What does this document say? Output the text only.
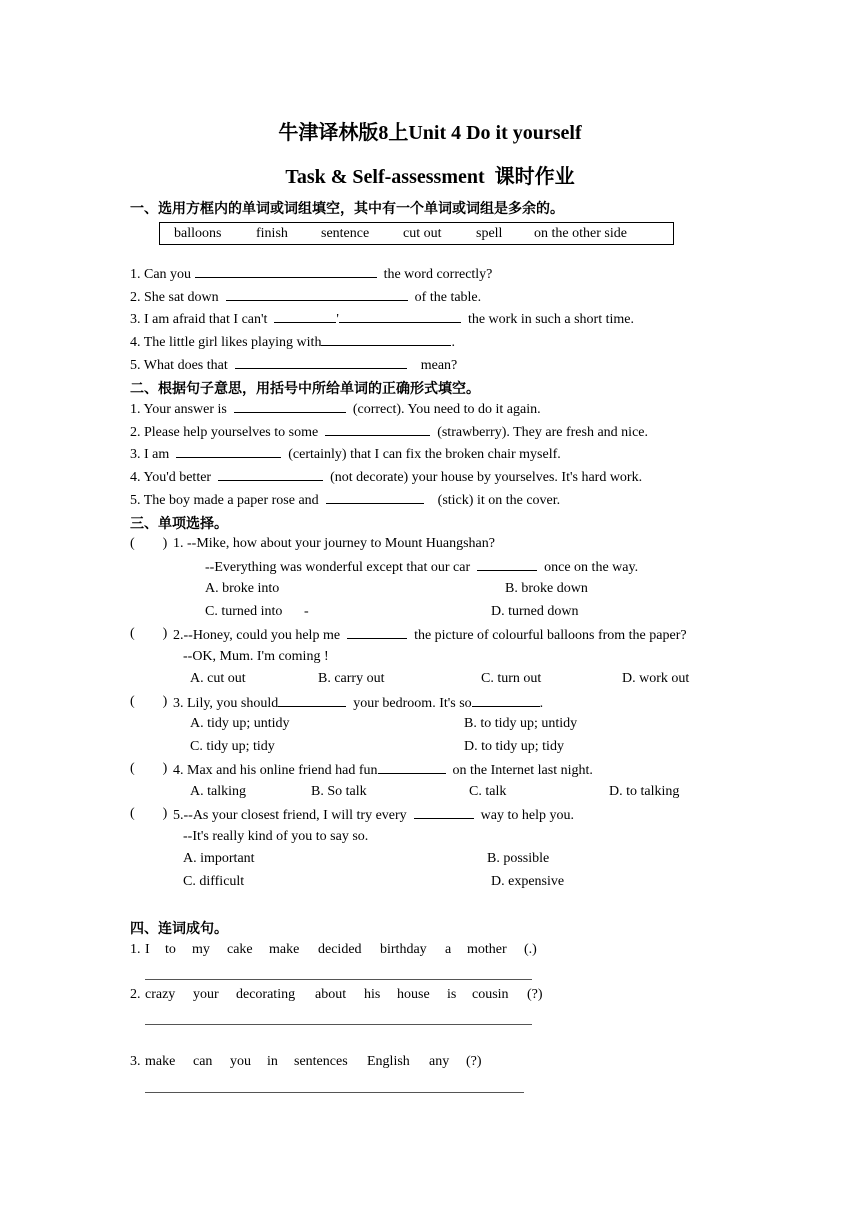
牛津译林版8上Unit 4 Do it yourself
Task & Self-assessment  课时作业
一、选用方框内的单词或词组填空，其中有一个单词或词组是多余的。
balloons finish sentence cut out spell on the other side
1. Can you	the word correctly?
2. She sat down	of the table.
3. I am afraid that I can't	'	the work in such a short time.
4. The little girl likes playing with	.
5. What does that	mean?
二、根据句子意思，用括号中所给单词的正确形式填空。
1. Your answer is	(correct). You need to do it again.
2. Please help yourselves to some	(strawberry). They are fresh and nice.
3. I am	(certainly) that I can fix the broken chair myself.
4. You'd better	(not decorate) your house by yourselves. It's hard work.
5. The boy made a paper rose and	(stick) it on the cover.
三、单项选择。
(        ) 1. --Mike, how about your journey to Mount Huangshan?
--Everything was wonderful except that our car	once on the way.
A. broke into	B. broke down
C. turned into -	D. turned down
(        ) 2.--Honey, could you help me	the picture of colourful balloons from the paper?
--OK, Mum. I'm coming !
A. cut out	B. carry out	C. turn out	D. work out
(        ) 3. Lily, you should	your bedroom. It's so	.
A. tidy up; untidy	B. to tidy up; untidy
C. tidy up; tidy	D. to tidy up; tidy
(        ) 4. Max and his online friend had fun	on the Internet last night.
A. talking	B. So talk	C. talk	D. to talking
(        ) 5.--As your closest friend, I will try every	way to help you.
--It's really kind of you to say so.
A. important	B. possible
C. difficult	D. expensive
四、连词成句。
1. I to my cake make decided birthday a mother (.)
2. crazy your decorating about his house is cousin (?)
3. make can you in sentences English any (?)
